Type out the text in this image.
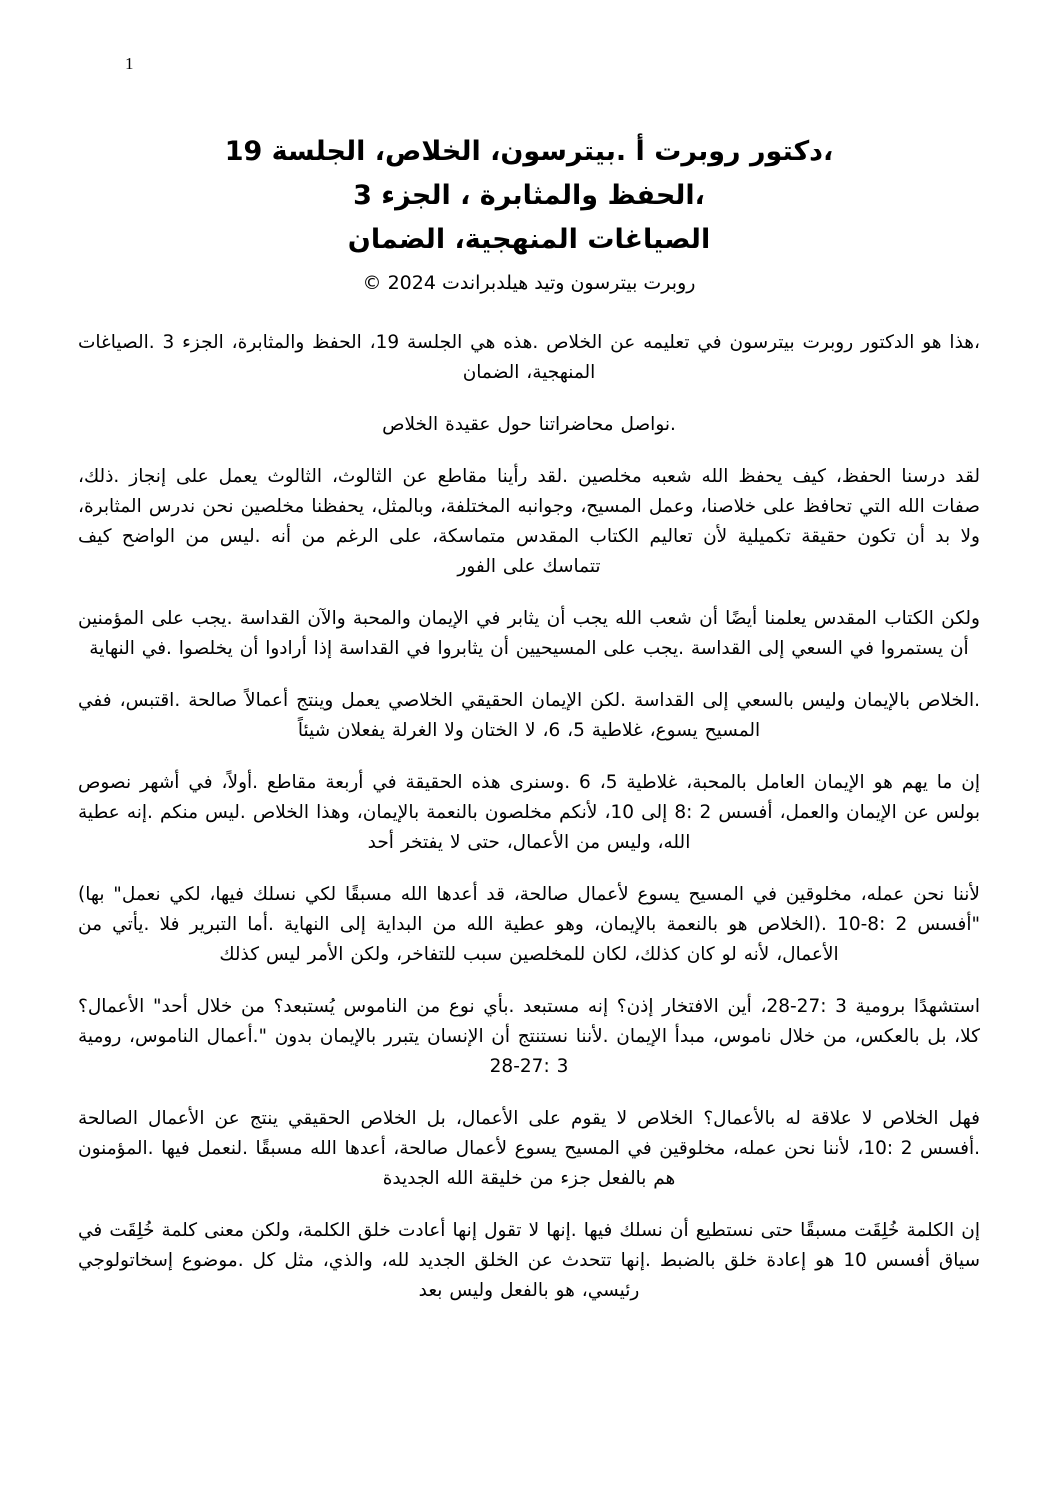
1
،دكتور روبرت أ .بيترسون، الخلاص، الجلسة 19
،الحفظ والمثابرة ، الجزء 3
الصياغات المنهجية، الضمان
روبرت بيترسون وتيد هيلدبراندت 2024 ©

،هذا هو الدكتور روبرت بيترسون في تعليمه عن الخلاص .هذه هي الجلسة 19، الحفظ والمثابرة، الجزء 3 .الصياغات المنهجية، الضمان

.نواصل محاضراتنا حول عقيدة الخلاص

لقد درسنا الحفظ، كيف يحفظ الله شعبه مخلصين .لقد رأينا مقاطع عن الثالوث، الثالوث يعمل على إنجاز .ذلك، صفات الله التي تحافظ على خلاصنا، وعمل المسيح، وجوانبه المختلفة، وبالمثل، يحفظنا مخلصين نحن ندرس المثابرة، ولا بد أن تكون حقيقة تكميلية لأن تعاليم الكتاب المقدس متماسكة، على الرغم من أنه .ليس من الواضح كيف تتماسك على الفور

ولكن الكتاب المقدس يعلمنا أيضًا أن شعب الله يجب أن يثابر في الإيمان والمحبة والآن القداسة .يجب على المؤمنين أن يستمروا في السعي إلى القداسة .يجب على المسيحيين أن يثابروا في القداسة إذا أرادوا أن يخلصوا .في النهاية

.الخلاص بالإيمان وليس بالسعي إلى القداسة .لكن الإيمان الحقيقي الخلاصي يعمل وينتج أعمالاً صالحة .اقتبس، ففي المسيح يسوع، غلاطية 5، 6، لا الختان ولا الغرلة يفعلان شيئاً

إن ما يهم هو الإيمان العامل بالمحبة، غلاطية 5، 6 .وسنرى هذه الحقيقة في أربعة مقاطع .أولاً، في أشهر نصوص بولس عن الإيمان والعمل، أفسس 2 :8 إلى 10، لأنكم مخلصون بالنعمة بالإيمان، وهذا الخلاص .ليس منكم .إنه عطية الله، وليس من الأعمال، حتى لا يفتخر أحد

لأننا نحن عمله، مخلوقين في المسيح يسوع لأعمال صالحة، قد أعدها الله مسبقًا لكي نسلك فيها، لكي نعمل" بها) "أفسس 2 :8-10 .(الخلاص هو بالنعمة بالإيمان، وهو عطية الله من البداية إلى النهاية .أما التبرير فلا .يأتي من الأعمال، لأنه لو كان كذلك، لكان للمخلصين سبب للتفاخر، ولكن الأمر ليس كذلك

استشهدًا برومية 3 :27-28، أين الافتخار إذن؟ إنه مستبعد .بأي نوع من الناموس يُستبعد؟ من خلال أحد" الأعمال؟ كلا، بل بالعكس، من خلال ناموس، مبدأ الإيمان .لأننا نستنتج أن الإنسان يتبرر بالإيمان بدون ".أعمال الناموس، رومية 3 :27-28

فهل الخلاص لا علاقة له بالأعمال؟ الخلاص لا يقوم على الأعمال، بل الخلاص الحقيقي ينتج عن الأعمال الصالحة .أفسس 2 :10، لأننا نحن عمله، مخلوقين في المسيح يسوع لأعمال صالحة، أعدها الله مسبقًا .لنعمل فيها .المؤمنون هم بالفعل جزء من خليقة الله الجديدة

إن الكلمة خُلِقَت مسبقًا حتى نستطيع أن نسلك فيها .إنها لا تقول إنها أعادت خلق الكلمة، ولكن معنى كلمة خُلِقَت في سياق أفسس 10 هو إعادة خلق بالضبط .إنها تتحدث عن الخلق الجديد لله، والذي، مثل كل .موضوع إسخاتولوجي رئيسي، هو بالفعل وليس بعد
